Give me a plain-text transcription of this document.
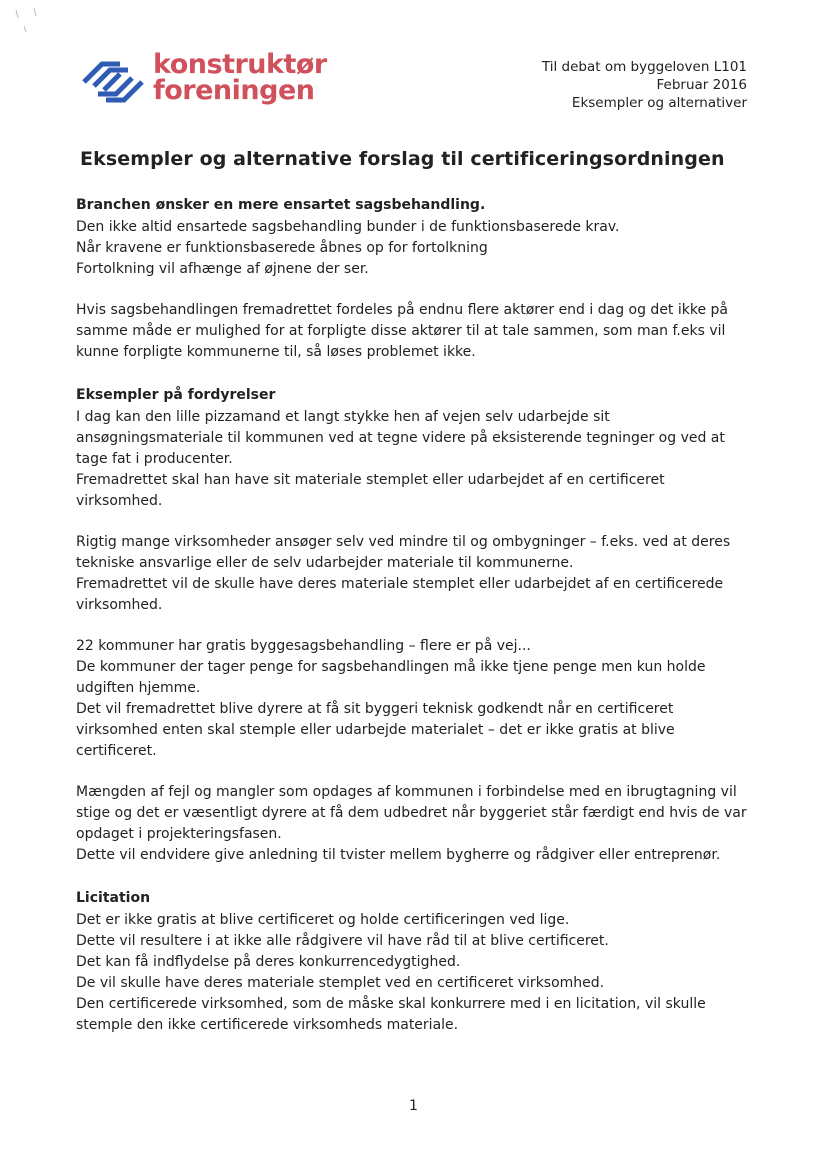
konstruktør
foreningen
Til debat om byggeloven L101
Februar 2016
Eksempler og alternativer
Eksempler og alternative forslag til certificeringsordningen
Branchen ønsker en mere ensartet sagsbehandling.

Den ikke altid ensartede sagsbehandling bunder i de funktionsbaserede krav.

Når kravene er funktionsbaserede åbnes op for fortolkning

Fortolkning vil afhænge af øjnene der ser.

Hvis sagsbehandlingen fremadrettet fordeles på endnu flere aktører end i dag og det ikke på

samme måde er mulighed for at forpligte disse aktører til at tale sammen, som man f.eks vil

kunne forpligte kommunerne til, så løses problemet ikke.

Eksempler på fordyrelser

I dag kan den lille pizzamand et langt stykke hen af vejen selv udarbejde sit

ansøgningsmateriale til kommunen ved at tegne videre på eksisterende tegninger og ved at

tage fat i producenter.

Fremadrettet skal han have sit materiale stemplet eller udarbejdet af en certificeret

virksomhed.

Rigtig mange virksomheder ansøger selv ved mindre til og ombygninger – f.eks. ved at deres

tekniske ansvarlige eller de selv udarbejder materiale til kommunerne.

Fremadrettet vil de skulle have deres materiale stemplet eller udarbejdet af en certificerede

virksomhed.

22 kommuner har gratis byggesagsbehandling – flere er på vej...

De kommuner der tager penge for sagsbehandlingen må ikke tjene penge men kun holde

udgiften hjemme.

Det vil fremadrettet blive dyrere at få sit byggeri teknisk godkendt når en certificeret

virksomhed enten skal stemple eller udarbejde materialet – det er ikke gratis at blive

certificeret.

Mængden af fejl og mangler som opdages af kommunen i forbindelse med en ibrugtagning vil

stige og det er væsentligt dyrere at få dem udbedret når byggeriet står færdigt end hvis de var

opdaget i projekteringsfasen.

Dette vil endvidere give anledning til tvister mellem bygherre og rådgiver eller entreprenør.

Licitation

Det er ikke gratis at blive certificeret og holde certificeringen ved lige.

Dette vil resultere i at ikke alle rådgivere vil have råd til at blive certificeret.

Det kan få indflydelse på deres konkurrencedygtighed.

De vil skulle have deres materiale stemplet ved en certificeret virksomhed.

Den certificerede virksomhed, som de måske skal konkurrere med i en licitation, vil skulle

stemple den ikke certificerede virksomheds materiale.

1
